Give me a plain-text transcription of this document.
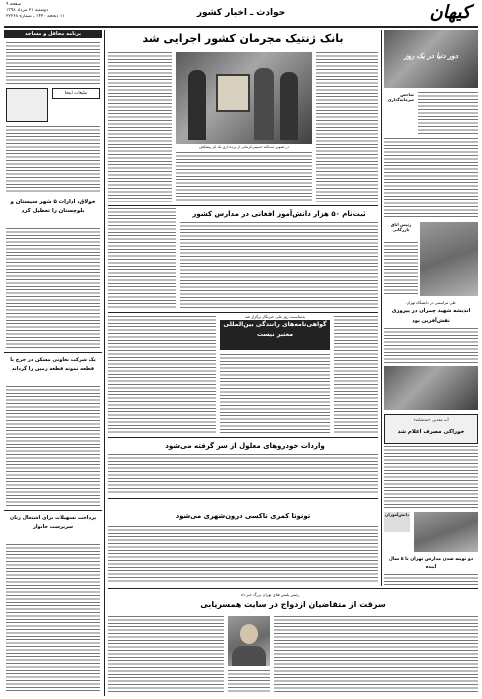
کیهان
حوادث ـ اخبار کشور
صفحه ۹
دوشنبه ۲۱ مرداد ۱۳۹۸
۱۱ ذیحجه ۱۴۴۰ ـ شماره ۲۲۲۶۸
برنامه محافل و مساجد
تبلیغات اینجا
خولاق، ادارات ۵ شهر سیستان و بلوچستان را تعطیل کرد
یک شرکت تعاونی مسکن در خرج با قطعه نمونه قطعه زمین را گرداند
پرداخت تسهیلات برای اشتغال زنان سرپرست خانوار
بانک ژنتیک مجرمان کشور اجرایی شد
در تصویر آیت‌الله حسینی‌کرمانی از پرده‌داری یک اثر پیشکش
ثبت‌نام ۵۰ هزار دانش‌آموز افغانی در مدارس کشور
به‌مناسبت روز ملی خبرنگار برگزار شد
گواهی‌نامه‌های رانندگی بین‌المللی معتبر نیست
واردات خودروهای معلول از سر گرفته می‌شود
تونوتا کمری تاکسی درون‌شهری می‌شود
رئیس پلیس فتای تهران بزرگ خبر داد
سرقت از متقاضیان ازدواج در سایت همسریابی
دور دنیا در یک روز
شاخص سرمایه‌گذاری
رئیس اتاق بازرگانی
طی مراسمی در دانشگاه تهران
اندیشه شهید چمران در پیروزی نقش‌آفرین بود
آب معدنی «به‌نشانه»
خوراکی مصرف اعلام شد
دانش‌آموزان
دو نوبته شدن مدارس تهران تا ۵ سال آینده
